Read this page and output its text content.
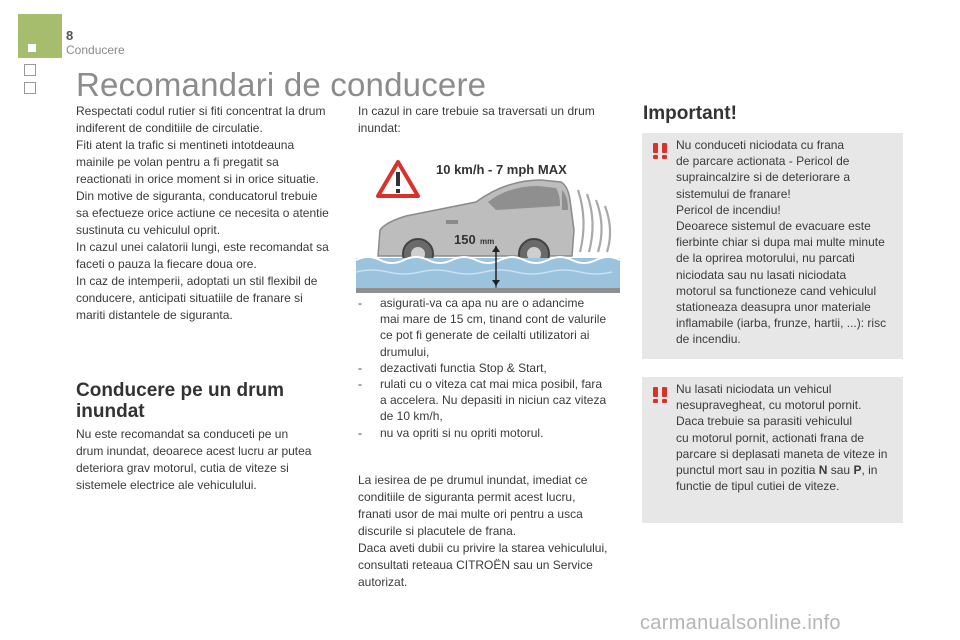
8
Conducere
Recomandari de conducere

Respectati codul rutier si fiti concentrat la drum

indiferent de conditiile de circulatie.

Fiti atent la trafic si mentineti intotdeauna

mainile pe volan pentru a fi pregatit sa

reactionati in orice moment si in orice situatie.

Din motive de siguranta, conducatorul trebuie

sa efectueze orice actiune ce necesita o atentie

sustinuta cu vehiculul oprit.

In cazul unei calatorii lungi, este recomandat sa

faceti o pauza la fiecare doua ore.

In caz de intemperii, adoptati un stil flexibil de

conducere, anticipati situatiile de franare si

mariti distantele de siguranta.

Conducere pe un drum inundat

Nu este recomandat sa conduceti pe un

drum inundat, deoarece acest lucru ar putea

deteriora grav motorul, cutia de viteze si

sistemele electrice ale vehiculului.

In cazul in care trebuie sa traversati un drum

inundat:

10 km/h - 7 mph MAX
150 mm
- asigurati-va ca apa nu are o adancime
mai mare de 15 cm, tinand cont de valurile
ce pot fi generate de ceilalti utilizatori ai
drumului,
- dezactivati functia Stop & Start,
- rulati cu o viteza cat mai mica posibil, fara
a accelera. Nu depasiti in niciun caz viteza
de 10 km/h,
- nu va opriti si nu opriti motorul.

La iesirea de pe drumul inundat, imediat ce

conditiile de siguranta permit acest lucru,

franati usor de mai multe ori pentru a usca

discurile si placutele de frana.

Daca aveti dubii cu privire la starea vehiculului,

consultati reteaua CITROËN sau un Service

autorizat.

Important!

Nu conduceti niciodata cu frana

de parcare actionata - Pericol de

supraincalzire si de deteriorare a

sistemului de franare!

Pericol de incendiu!

Deoarece sistemul de evacuare este

fierbinte chiar si dupa mai multe minute

de la oprirea motorului, nu parcati

niciodata sau nu lasati niciodata

motorul sa functioneze cand vehiculul

stationeaza deasupra unor materiale

inflamabile (iarba, frunze, hartii, ...): risc

de incendiu.

Nu lasati niciodata un vehicul

nesupravegheat, cu motorul pornit.

Daca trebuie sa parasiti vehiculul

cu motorul pornit, actionati frana de

parcare si deplasati maneta de viteze in

punctul mort sau in pozitia N sau P, in

functie de tipul cutiei de viteze.

carmanualsonline.info
